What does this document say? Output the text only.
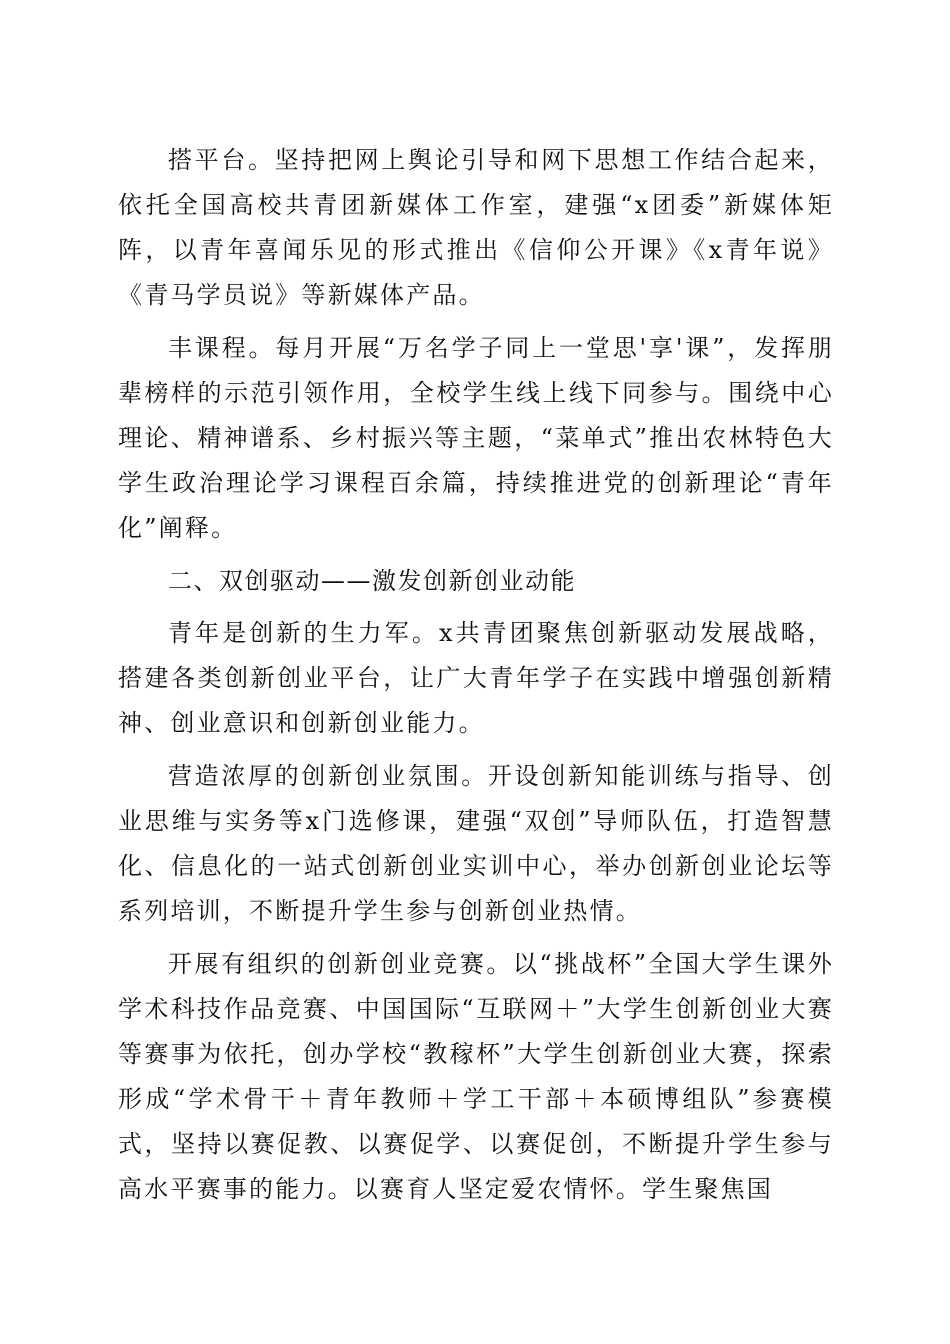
搭平台。坚持把网上舆论引导和网下思想工作结合起来，依托全国高校共青团新媒体工作室，建强“x团委”新媒体矩阵，以青年喜闻乐见的形式推出《信仰公开课》《x青年说》《青马学员说》等新媒体产品。

丰课程。每月开展“万名学子同上一堂思'享'课”，发挥朋辈榜样的示范引领作用，全校学生线上线下同参与。围绕中心理论、精神谱系、乡村振兴等主题，“菜单式”推出农林特色大学生政治理论学习课程百余篇，持续推进党的创新理论“青年化”阐释。

二、双创驱动——激发创新创业动能

青年是创新的生力军。x共青团聚焦创新驱动发展战略，搭建各类创新创业平台，让广大青年学子在实践中增强创新精神、创业意识和创新创业能力。

营造浓厚的创新创业氛围。开设创新知能训练与指导、创业思维与实务等x门选修课，建强“双创”导师队伍，打造智慧化、信息化的一站式创新创业实训中心，举办创新创业论坛等系列培训，不断提升学生参与创新创业热情。

开展有组织的创新创业竞赛。以“挑战杯”全国大学生课外学术科技作品竞赛、中国国际“互联网＋”大学生创新创业大赛等赛事为依托，创办学校“教稼杯”大学生创新创业大赛，探索形成“学术骨干＋青年教师＋学工干部＋本硕博组队”参赛模式，坚持以赛促教、以赛促学、以赛促创，不断提升学生参与高水平赛事的能力。以赛育人坚定爱农情怀。学生聚焦国
